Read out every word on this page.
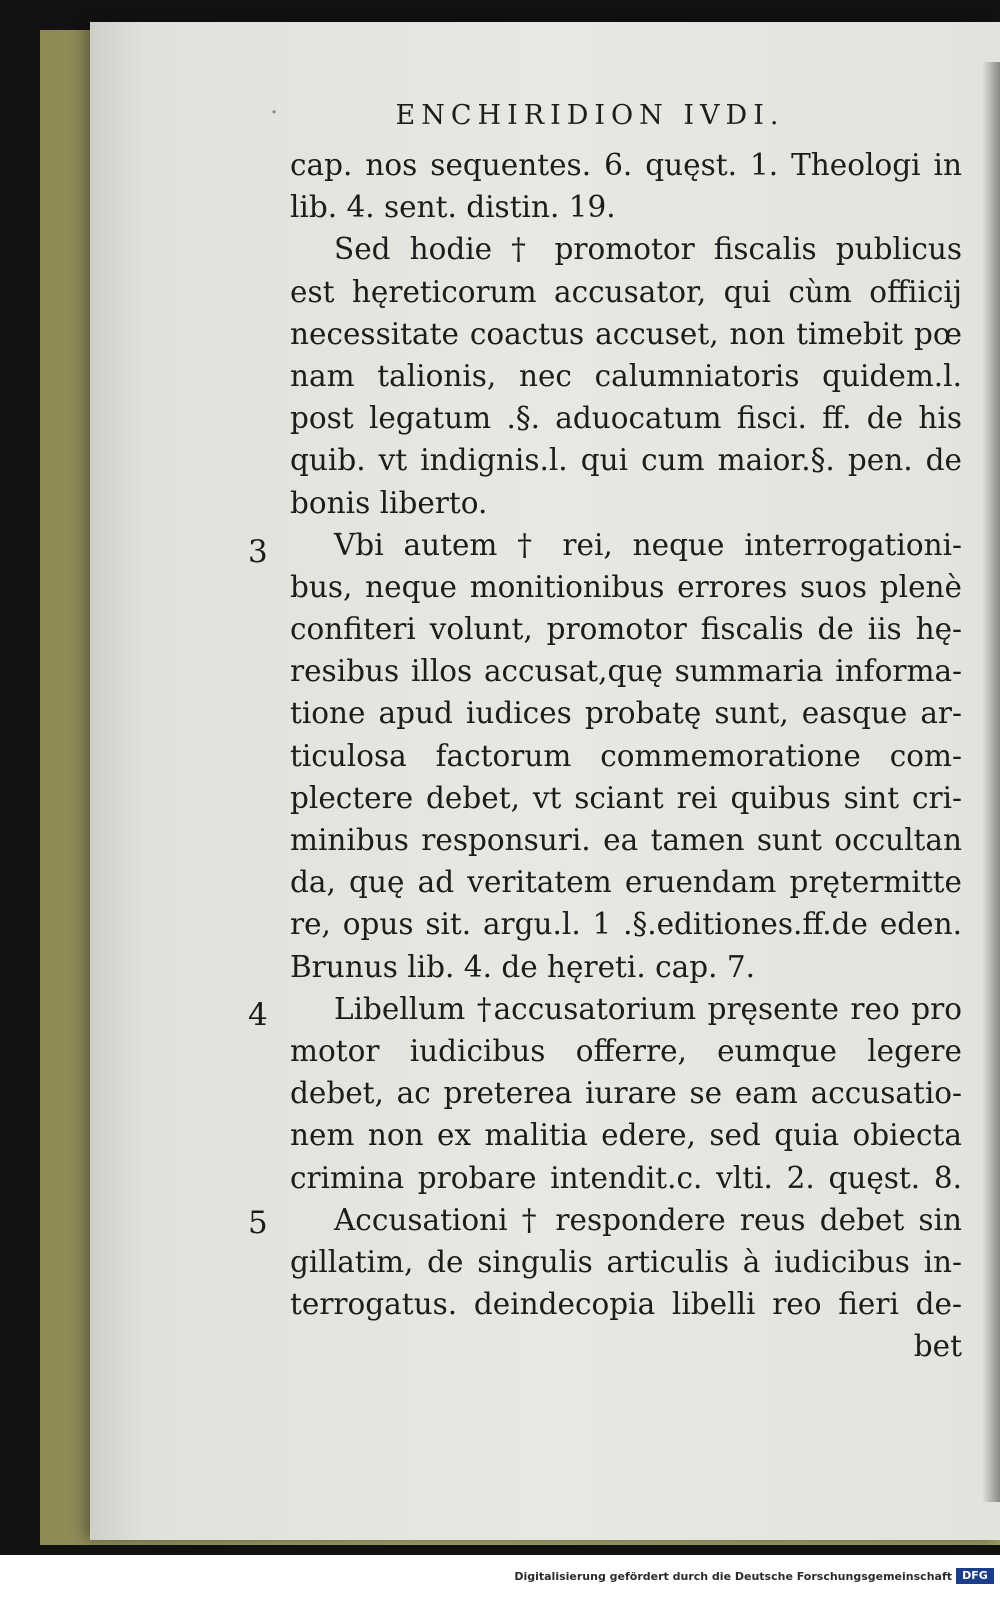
·	ENCHIRIDION IVDI.
cap. nos sequentes. 6. quęst. 1. Theologi in
lib. 4. sent. distin. 19.
Sed hodie † promotor fiscalis publicus
est hęreticorum accusator, qui cùm offiicij
necessitate coactus accuset, non timebit pœ
nam talionis, nec calumniatoris quidem.l.
post legatum .§. aduocatum fisci. ff. de his
quib. vt indignis.l. qui cum maior.§. pen. de
bonis liberto.
Vbi autem † rei, neque interrogationi-
bus, neque monitionibus errores suos plenè
confiteri volunt, promotor fiscalis de iis hę-
resibus illos accusat,quę summaria informa-
tione apud iudices probatę sunt, easque ar-
ticulosa factorum commemoratione com-
plectere debet, vt sciant rei quibus sint cri-
minibus responsuri. ea tamen sunt occultan
da, quę ad veritatem eruendam prętermitte
re, opus sit. argu.l. 1 .§.editiones.ff.de eden.
Brunus lib. 4. de hęreti. cap. 7.
Libellum †accusatorium pręsente reo pro
motor iudicibus offerre, eumque legere
debet, ac preterea iurare se eam accusatio-
nem non ex malitia edere, sed quia obiecta
crimina probare intendit.c. vlti. 2. quęst. 8.
Accusationi † respondere reus debet sin
gillatim, de singulis articulis à iudicibus in-
terrogatus. deindecopia libelli reo fieri de-
bet
3
4
5
Digitalisierung gefördert durch die Deutsche Forschungsgemeinschaft DFG
